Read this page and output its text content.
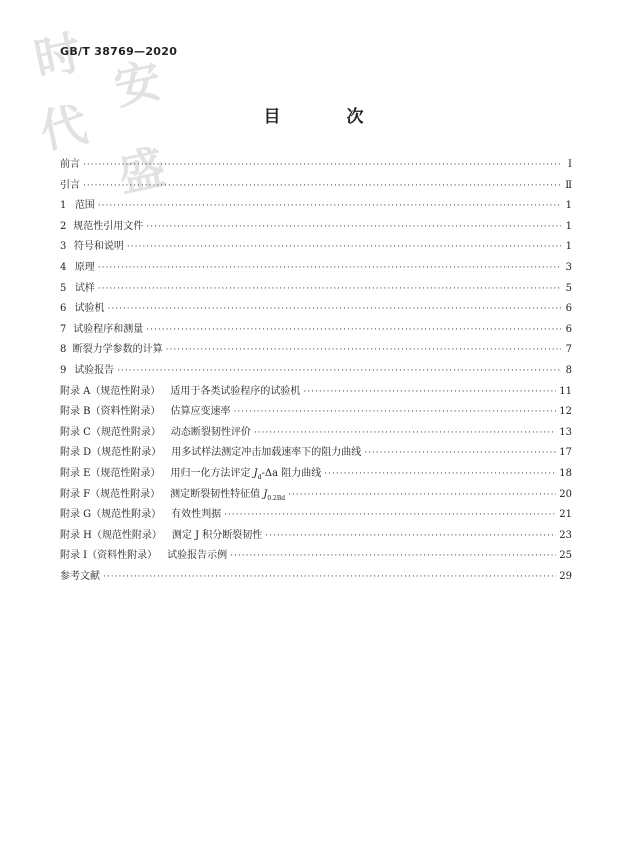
时
代
安
盛
GB/T 38769—2020
目 次
前言 ·····	Ⅰ
引言 ·····	Ⅱ
1 范围 ·····	1
2 规范性引用文件 ·····	1
3 符号和说明 ·····	1
4 原理 ·····	3
5 试样 ·····	5
6 试验机 ·····	6
7 试验程序和测量 ·····	6
8 断裂力学参数的计算 ·····	7
9 试验报告 ·····	8
附录 A（规范性附录） 适用于各类试验程序的试验机 ·····	11
附录 B（资料性附录） 估算应变速率 ·····	12
附录 C（规范性附录） 动态断裂韧性评价 ·····	13
附录 D（规范性附录） 用多试样法测定冲击加载速率下的阻力曲线 ·····	17
附录 E（规范性附录） 用归一化方法评定 $J_d-\Delta a$ 阻力曲线 ·····	18
附录 F（规范性附录） 测定断裂韧性特征值 $J_{0.2Bd}$ ·····	20
附录 G（规范性附录） 有效性判据 ·····	21
附录 H（规范性附录） 测定 J 积分断裂韧性 ·····	23
附录 I（资料性附录） 试验报告示例 ·····	25
参考文献 ·····	29
